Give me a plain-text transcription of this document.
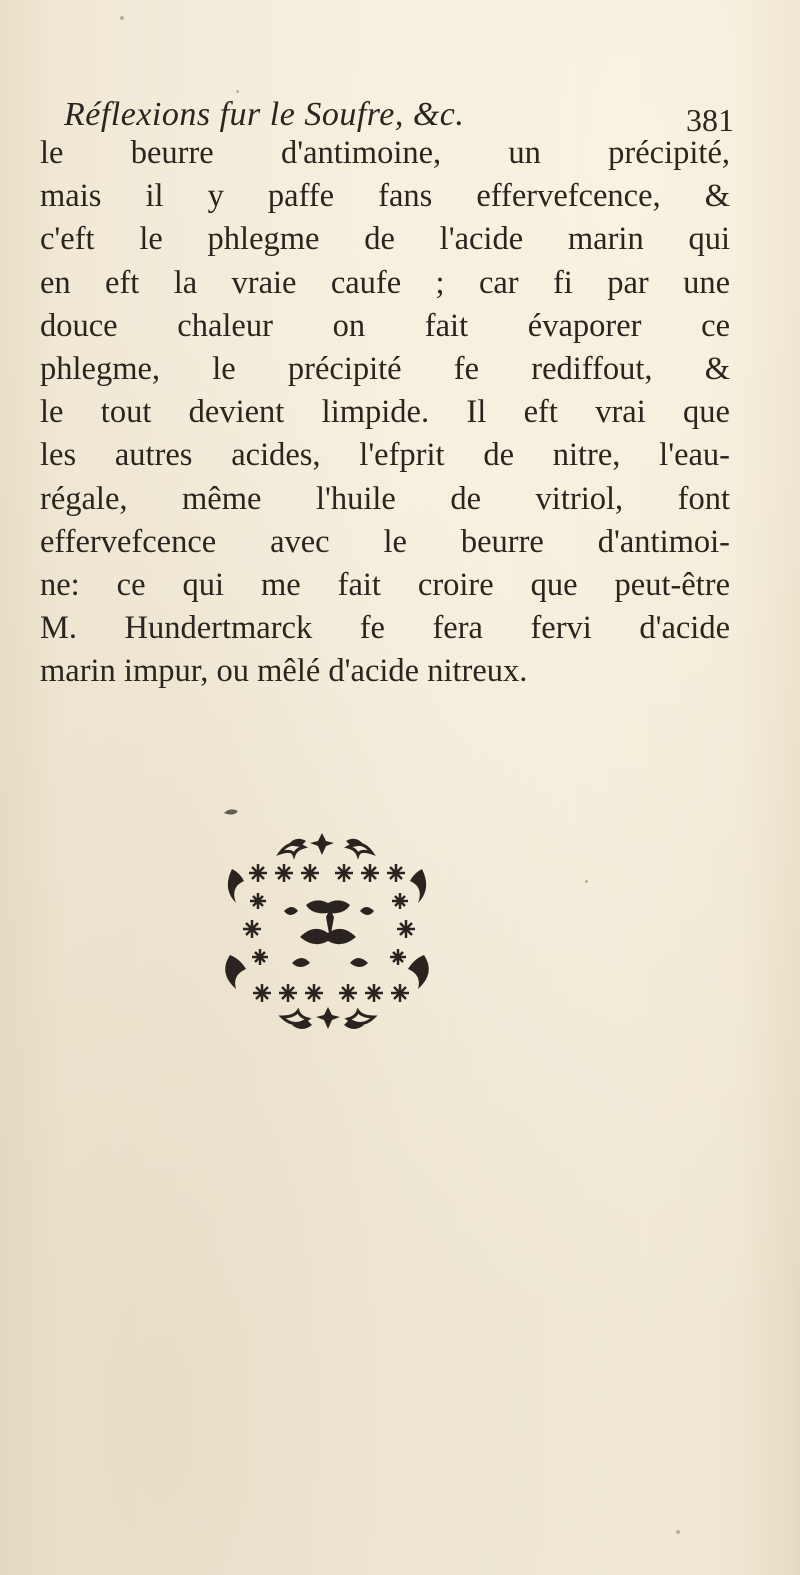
Réflexions fur le Soufre, &c.	381
le beurre d'antimoine, un précipité,
mais il y paffe fans effervefcence, &
c'eft le phlegme de l'acide marin qui
en eft la vraie caufe ; car fi par une
douce chaleur on fait évaporer ce
phlegme, le précipité fe rediffout, &
le tout devient limpide. Il eft vrai que
les autres acides, l'efprit de nitre, l'eau-
régale, même l'huile de vitriol, font
effervefcence avec le beurre d'antimoi-
ne: ce qui me fait croire que peut-être
M. Hundertmarck fe fera fervi d'acide
marin impur, ou mêlé d'acide nitreux.
